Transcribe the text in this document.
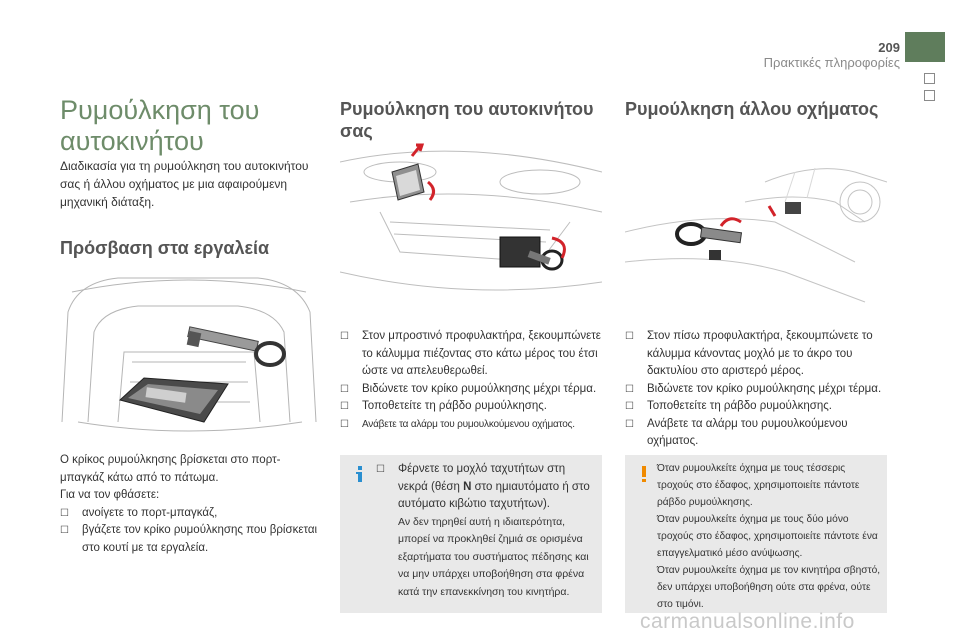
209
Πρακτικές πληροφορίες
Ρυμούλκηση του αυτοκινήτου
Διαδικασία για τη ρυμούλκηση του αυτοκινήτου σας ή άλλου οχήματος με μια αφαιρούμενη μηχανική διάταξη.
Πρόσβαση στα εργαλεία
Ο κρίκος ρυμούλκησης βρίσκεται στο πορτ-
μπαγκάζ κάτω από το πάτωμα.
Για να τον φθάσετε:
☐ ανοίγετε το πορτ-μπαγκάζ,
☐ βγάζετε τον κρίκο ρυμούλκησης που βρίσκεται στο κουτί με τα εργαλεία.
Ρυμούλκηση του αυτοκινήτου σας
☐ Στον μπροστινό προφυλακτήρα, ξεκουμπώνετε το κάλυμμα πιέζοντας στο κάτω μέρος του έτσι ώστε να απελευθερωθεί.
☐ Βιδώνετε τον κρίκο ρυμούλκησης μέχρι τέρμα.
☐ Τοποθετείτε τη ράβδο ρυμούλκησης.
☐ Ανάβετε τα αλάρμ του ρυμουλκούμενου οχήματος.
☐ Φέρνετε το μοχλό ταχυτήτων στη νεκρά (θέση N στο ημιαυτόματο ή στο αυτόματο κιβώτιο ταχυτήτων).
Αν δεν τηρηθεί αυτή η ιδιαιτερότητα, μπορεί να προκληθεί ζημιά σε ορισμένα εξαρτήματα του συστήματος πέδησης και να μην υπάρχει υποβοήθηση στα φρένα κατά την επανεκκίνηση του κινητήρα.
Ρυμούλκηση άλλου οχήματος
☐ Στον πίσω προφυλακτήρα, ξεκουμπώνετε το κάλυμμα κάνοντας μοχλό με το άκρο του δακτυλίου στο αριστερό μέρος.
☐ Βιδώνετε τον κρίκο ρυμούλκησης μέχρι τέρμα.
☐ Τοποθετείτε τη ράβδο ρυμούλκησης.
☐ Ανάβετε τα αλάρμ του ρυμουλκούμενου οχήματος.
Όταν ρυμουλκείτε όχημα με τους τέσσερις τροχούς στο έδαφος, χρησιμοποιείτε πάντοτε ράβδο ρυμούλκησης.
Όταν ρυμουλκείτε όχημα με τους δύο μόνο τροχούς στο έδαφος, χρησιμοποιείτε πάντοτε ένα επαγγελματικό μέσο ανύψωσης.
Όταν ρυμουλκείτε όχημα με τον κινητήρα σβηστό, δεν υπάρχει υποβοήθηση ούτε στα φρένα, ούτε στο τιμόνι.
carmanualsonline.info
